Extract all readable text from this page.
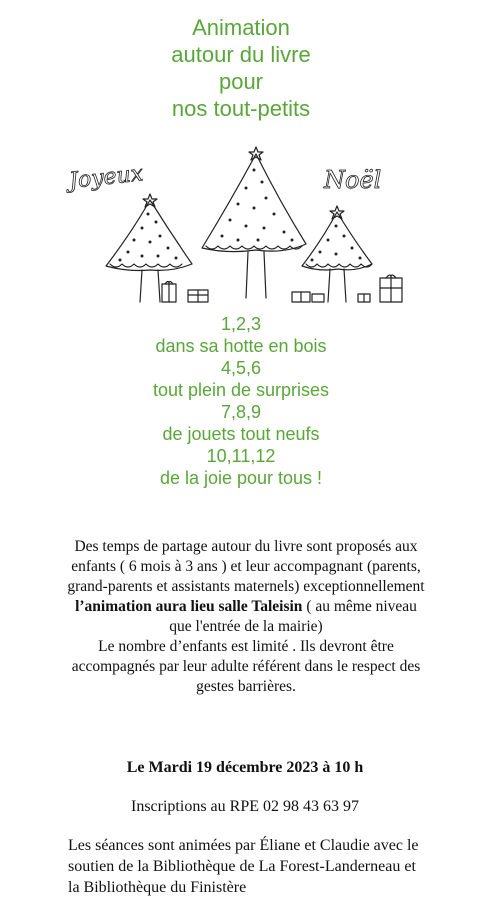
Animation
autour du livre
pour
nos tout-petits
Joyeux	Noël
1,2,3
dans sa hotte en bois
4,5,6
tout plein de surprises
7,8,9
de jouets tout neufs
10,11,12
de la joie pour tous !
Des temps de partage autour du livre sont proposés aux enfants ( 6 mois à 3 ans ) et leur accompagnant (parents, grand-parents et assistants maternels) exceptionnellement l’animation aura lieu salle Taleisin ( au même niveau que l'entrée de la mairie)
Le nombre d’enfants est limité . Ils devront être accompagnés par leur adulte référent dans le respect des gestes barrières.
Le Mardi 19 décembre 2023 à 10 h
Inscriptions au RPE 02 98 43 63 97
Les séances sont animées par Éliane et Claudie avec le soutien de la Bibliothèque de La Forest-Landerneau et la Bibliothèque du Finistère
